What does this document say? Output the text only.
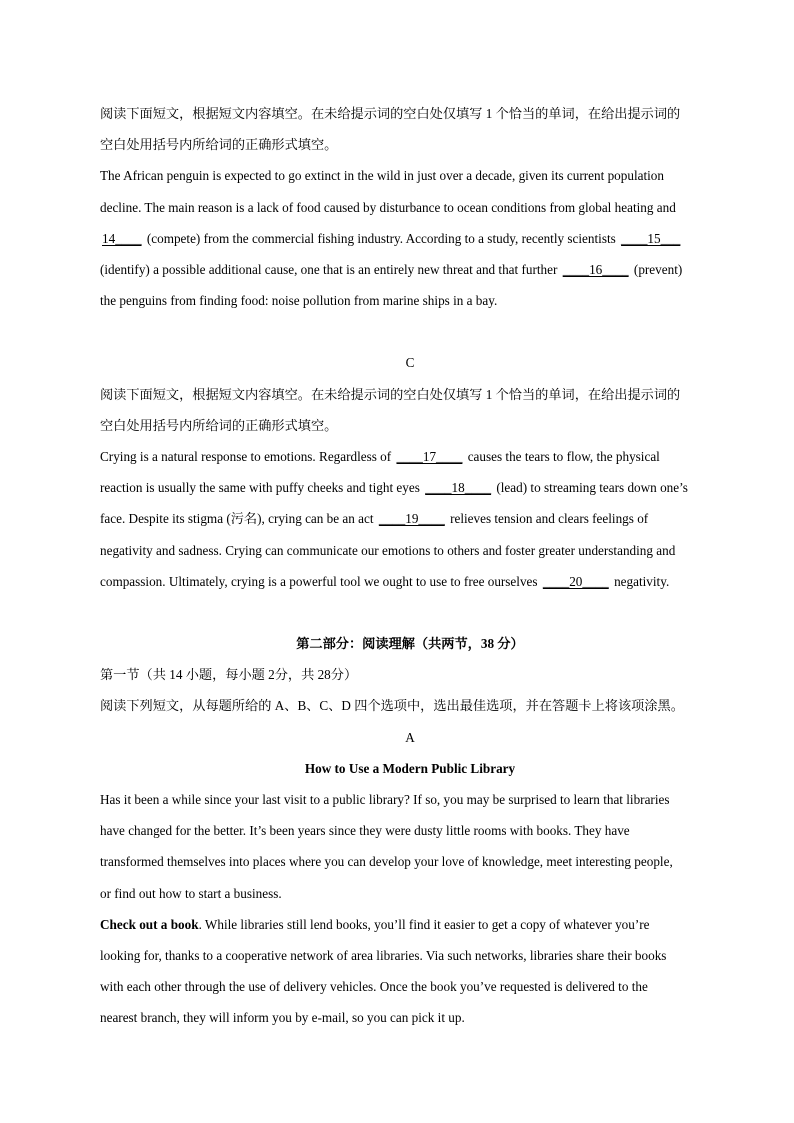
阅读下面短文，根据短文内容填空。在未给提示词的空白处仅填写 1 个恰当的单词，在给出提示词的

空白处用括号内所给词的正确形式填空。

The African penguin is expected to go extinct in the wild in just over a decade, given its current population

decline. The main reason is a lack of food caused by disturbance to ocean conditions from global heating and

14____ (compete) from the commercial fishing industry. According to a study, recently scientists ____15___

(identify) a possible additional cause, one that is an entirely new threat and that further ____16____ (prevent)

the penguins from finding food: noise pollution from marine ships in a bay.

C

阅读下面短文，根据短文内容填空。在未给提示词的空白处仅填写 1 个恰当的单词，在给出提示词的

空白处用括号内所给词的正确形式填空。

Crying is a natural response to emotions. Regardless of ____17____ causes the tears to flow, the physical

reaction is usually the same with puffy cheeks and tight eyes ____18____ (lead) to streaming tears down one’s

face. Despite its stigma (污名), crying can be an act ____19____ relieves tension and clears feelings of

negativity and sadness. Crying can communicate our emotions to others and foster greater understanding and

compassion. Ultimately, crying is a powerful tool we ought to use to free ourselves ____20____ negativity.

第二部分：阅读理解（共两节，38 分）

第一节（共 14 小题，每小题 2分，共 28分）

阅读下列短文，从每题所给的 A、B、C、D 四个选项中，选出最佳选项，并在答题卡上将该项涂黑。

A

How to Use a Modern Public Library

Has it been a while since your last visit to a public library? If so, you may be surprised to learn that libraries

have changed for the better. It’s been years since they were dusty little rooms with books. They have

transformed themselves into places where you can develop your love of knowledge, meet interesting people,

or find out how to start a business.

Check out a book. While libraries still lend books, you’ll find it easier to get a copy of whatever you’re

looking for, thanks to a cooperative network of area libraries. Via such networks, libraries share their books

with each other through the use of delivery vehicles. Once the book you’ve requested is delivered to the

nearest branch, they will inform you by e-mail, so you can pick it up.
